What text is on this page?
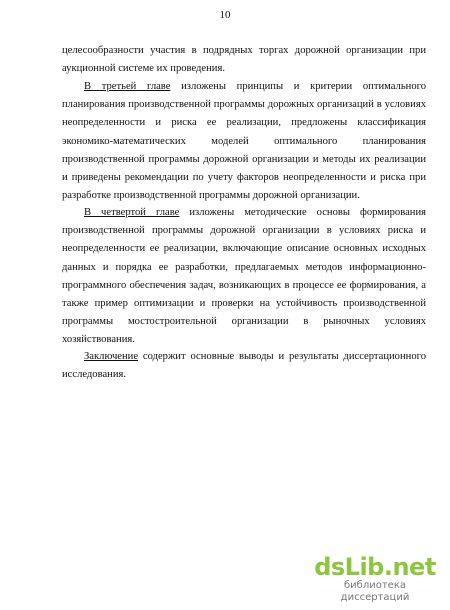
10
целесообразности участия в подрядных торгах дорожной организации при
аукционной системе их проведения.
В третьей главе изложены принципы и критерии оптимального
планирования производственной программы дорожных организаций в условиях
неопределенности и риска ее реализации, предложены классификация
экономико-математических моделей оптимального планирования
производственной программы дорожной организации и методы их реализации
и приведены рекомендации по учету факторов неопределенности и риска при
разработке производственной программы дорожной организации.
В четвертой главе изложены методические основы формирования
производственной программы дорожной организации в условиях риска и
неопределенности ее реализации, включающие описание основных исходных
данных и порядка ее разработки, предлагаемых методов информационно-
программного обеспечения задач, возникающих в процессе ее формирования, а
также пример оптимизации и проверки на устойчивость производственной
программы мостостроительной организации в рыночных условиях
хозяйствования.
Заключение содержит основные выводы и результаты диссертационного
исследования.
dsLib.net
библиотека диссертаций
